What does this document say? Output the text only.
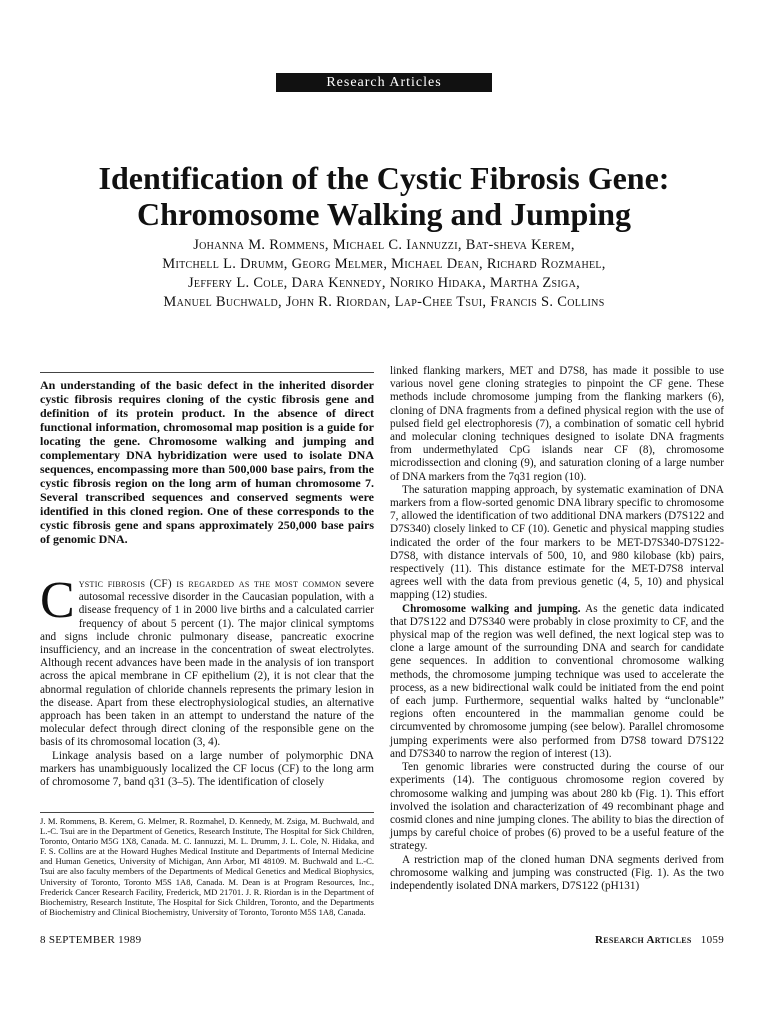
Research Articles
Identification of the Cystic Fibrosis Gene:
Chromosome Walking and Jumping
Johanna M. Rommens, Michael C. Iannuzzi, Bat-sheva Kerem,
Mitchell L. Drumm, Georg Melmer, Michael Dean, Richard Rozmahel,
Jeffery L. Cole, Dara Kennedy, Noriko Hidaka, Martha Zsiga,
Manuel Buchwald, John R. Riordan, Lap-Chee Tsui, Francis S. Collins

An understanding of the basic defect in the inherited disorder cystic fibrosis requires cloning of the cystic fibrosis gene and definition of its protein product. In the absence of direct functional information, chromosomal map position is a guide for locating the gene. Chromosome walking and jumping and complementary DNA hybridization were used to isolate DNA sequences, encompassing more than 500,000 base pairs, from the cystic fibrosis region on the long arm of human chromosome 7. Several transcribed sequences and conserved segments were identified in this cloned region. One of these corresponds to the cystic fibrosis gene and spans approximately 250,000 base pairs of genomic DNA.

Cystic fibrosis (CF) is regarded as the most common severe autosomal recessive disorder in the Caucasian population, with a disease frequency of 1 in 2000 live births and a calculated carrier frequency of about 5 percent (1). The major clinical symptoms and signs include chronic pulmonary disease, pancreatic exocrine insufficiency, and an increase in the concentration of sweat electrolytes. Although recent advances have been made in the analysis of ion transport across the apical membrane in CF epithelium (2), it is not clear that the abnormal regulation of chloride channels represents the primary lesion in the disease. Apart from these electrophysiological studies, an alternative approach has been taken in an attempt to understand the nature of the molecular defect through direct cloning of the responsible gene on the basis of its chromosomal location (3, 4).

Linkage analysis based on a large number of polymorphic DNA markers has unambiguously localized the CF locus (CF) to the long arm of chromosome 7, band q31 (3–5). The identification of closely

J. M. Rommens, B. Kerem, G. Melmer, R. Rozmahel, D. Kennedy, M. Zsiga, M. Buchwald, and L.-C. Tsui are in the Department of Genetics, Research Institute, The Hospital for Sick Children, Toronto, Ontario M5G 1X8, Canada. M. C. Iannuzzi, M. L. Drumm, J. L. Cole, N. Hidaka, and F. S. Collins are at the Howard Hughes Medical Institute and Departments of Internal Medicine and Human Genetics, University of Michigan, Ann Arbor, MI 48109. M. Buchwald and L.-C. Tsui are also faculty members of the Departments of Medical Genetics and Medical Biophysics, University of Toronto, Toronto M5S 1A8, Canada. M. Dean is at Program Resources, Inc., Frederick Cancer Research Facility, Frederick, MD 21701. J. R. Riordan is in the Department of Biochemistry, Research Institute, The Hospital for Sick Children, Toronto, and the Departments of Biochemistry and Clinical Biochemistry, University of Toronto, Toronto M5S 1A8, Canada.

linked flanking markers, MET and D7S8, has made it possible to use various novel gene cloning strategies to pinpoint the CF gene. These methods include chromosome jumping from the flanking markers (6), cloning of DNA fragments from a defined physical region with the use of pulsed field gel electrophoresis (7), a combination of somatic cell hybrid and molecular cloning techniques designed to isolate DNA fragments from undermethylated CpG islands near CF (8), chromosome microdissection and cloning (9), and saturation cloning of a large number of DNA markers from the 7q31 region (10).

The saturation mapping approach, by systematic examination of DNA markers from a flow-sorted genomic DNA library specific to chromosome 7, allowed the identification of two additional DNA markers (D7S122 and D7S340) closely linked to CF (10). Genetic and physical mapping studies indicated the order of the four markers to be MET-D7S340-D7S122-D7S8, with distance intervals of 500, 10, and 980 kilobase (kb) pairs, respectively (11). This distance estimate for the MET-D7S8 interval agrees well with the data from previous genetic (4, 5, 10) and physical mapping (12) studies.

Chromosome walking and jumping. As the genetic data indicated that D7S122 and D7S340 were probably in close proximity to CF, and the physical map of the region was well defined, the next logical step was to clone a large amount of the surrounding DNA and search for candidate gene sequences. In addition to conventional chromosome walking methods, the chromosome jumping technique was used to accelerate the process, as a new bidirectional walk could be initiated from the end point of each jump. Furthermore, sequential walks halted by “unclonable” regions often encountered in the mammalian genome could be circumvented by chromosome jumping (see below). Parallel chromosome jumping experiments were also performed from D7S8 toward D7S122 and D7S340 to narrow the region of interest (13).

Ten genomic libraries were constructed during the course of our experiments (14). The contiguous chromosome region covered by chromosome walking and jumping was about 280 kb (Fig. 1). This effort involved the isolation and characterization of 49 recombinant phage and cosmid clones and nine jumping clones. The ability to bias the direction of jumps by careful choice of probes (6) proved to be a useful feature of the strategy.

A restriction map of the cloned human DNA segments derived from chromosome walking and jumping was constructed (Fig. 1). As the two independently isolated DNA markers, D7S122 (pH131)

8 SEPTEMBER 1989	Research Articles 1059
